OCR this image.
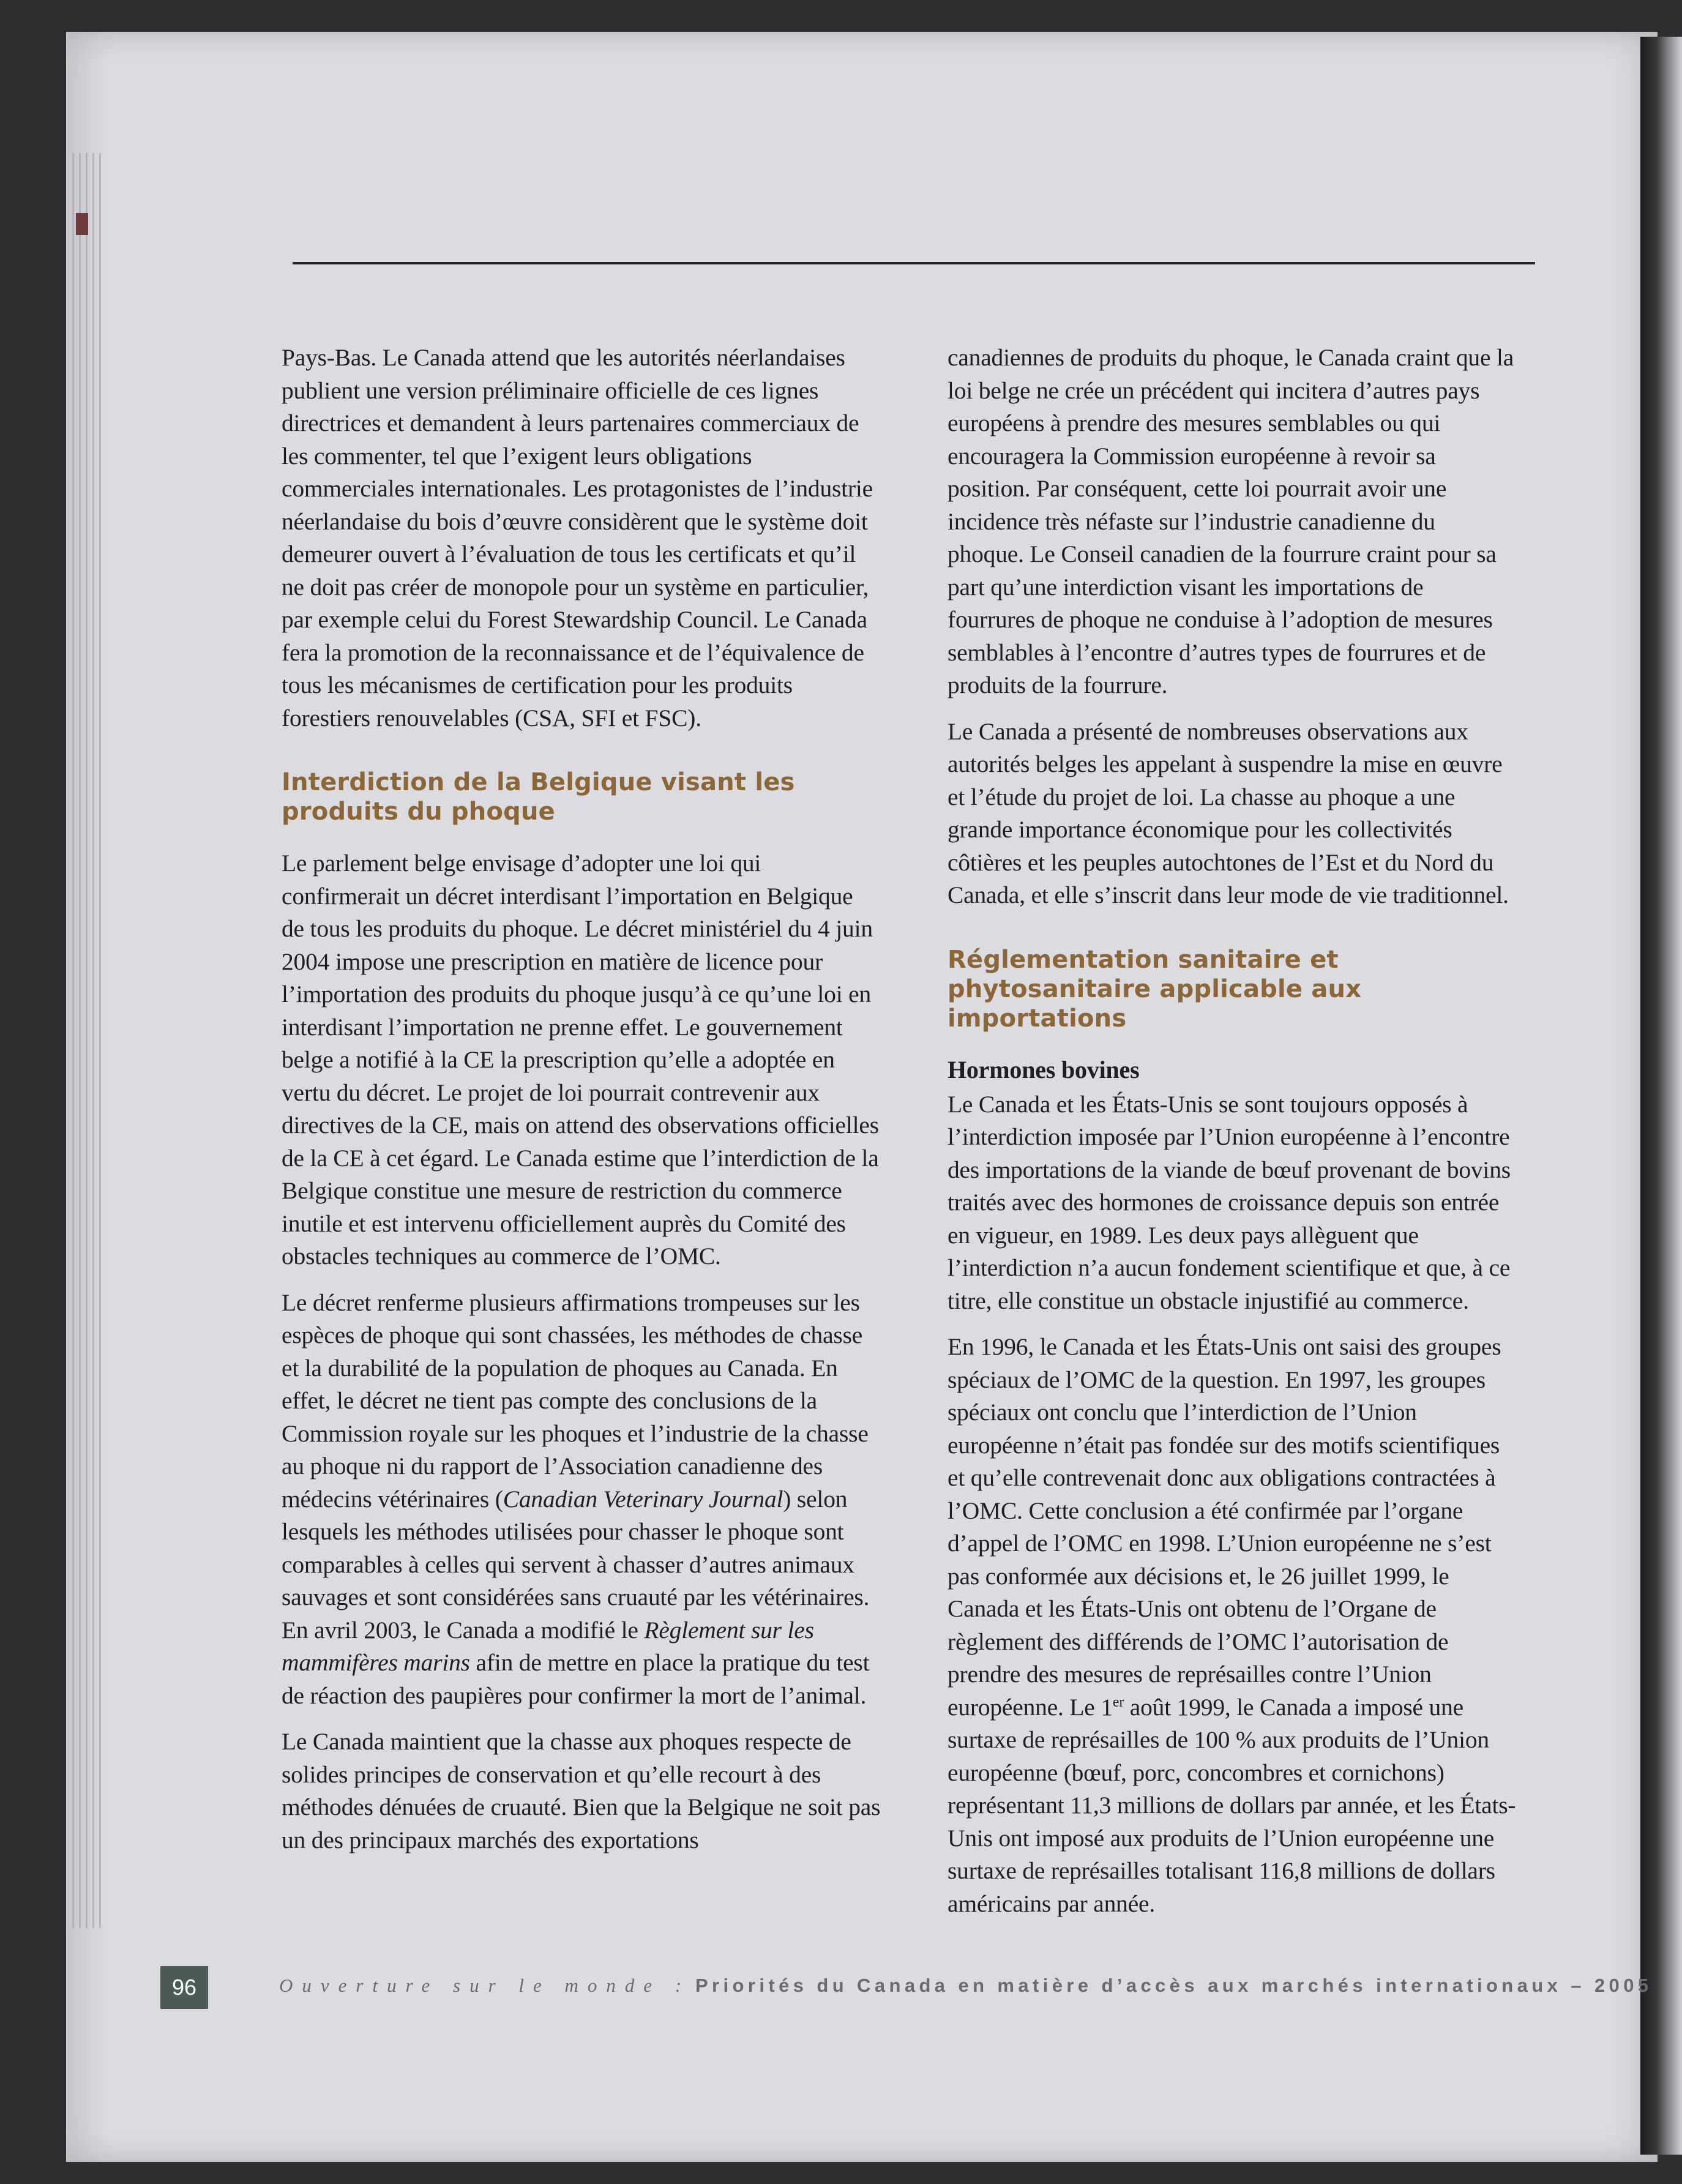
Pays-Bas. Le Canada attend que les autorités néerlandaises publient une version préliminaire officielle de ces lignes directrices et demandent à leurs partenaires commerciaux de les commenter, tel que l’exigent leurs obligations commerciales internationales. Les protagonistes de l’industrie néerlandaise du bois d’œuvre considèrent que le système doit demeurer ouvert à l’évaluation de tous les certificats et qu’il ne doit pas créer de monopole pour un système en particulier, par exemple celui du Forest Stewardship Council. Le Canada fera la promotion de la reconnaissance et de l’équivalence de tous les mécanismes de certification pour les produits forestiers renouvelables (CSA, SFI et FSC).

Interdiction de la Belgique visant les produits du phoque

Le parlement belge envisage d’adopter une loi qui confirmerait un décret interdisant l’importation en Belgique de tous les produits du phoque. Le décret ministériel du 4 juin 2004 impose une prescription en matière de licence pour l’importation des produits du phoque jusqu’à ce qu’une loi en interdisant l’importation ne prenne effet. Le gouvernement belge a notifié à la CE la prescription qu’elle a adoptée en vertu du décret. Le projet de loi pourrait contrevenir aux directives de la CE, mais on attend des observations officielles de la CE à cet égard. Le Canada estime que l’interdiction de la Belgique constitue une mesure de restriction du commerce inutile et est intervenu officiellement auprès du Comité des obstacles techniques au commerce de l’OMC.

Le décret renferme plusieurs affirmations trompeuses sur les espèces de phoque qui sont chassées, les méthodes de chasse et la durabilité de la population de phoques au Canada. En effet, le décret ne tient pas compte des conclusions de la Commission royale sur les phoques et l’industrie de la chasse au phoque ni du rapport de l’Association canadienne des médecins vétérinaires (Canadian Veterinary Journal) selon lesquels les méthodes utilisées pour chasser le phoque sont comparables à celles qui servent à chasser d’autres animaux sauvages et sont considérées sans cruauté par les vétérinaires. En avril 2003, le Canada a modifié le Règlement sur les mammifères marins afin de mettre en place la pratique du test de réaction des paupières pour confirmer la mort de l’animal.

Le Canada maintient que la chasse aux phoques respecte de solides principes de conservation et qu’elle recourt à des méthodes dénuées de cruauté. Bien que la Belgique ne soit pas un des principaux marchés des exportations

canadiennes de produits du phoque, le Canada craint que la loi belge ne crée un précédent qui incitera d’autres pays européens à prendre des mesures semblables ou qui encouragera la Commission européenne à revoir sa position. Par conséquent, cette loi pourrait avoir une incidence très néfaste sur l’industrie canadienne du phoque. Le Conseil canadien de la fourrure craint pour sa part qu’une interdiction visant les importations de fourrures de phoque ne conduise à l’adoption de mesures semblables à l’encontre d’autres types de fourrures et de produits de la fourrure.

Le Canada a présenté de nombreuses observations aux autorités belges les appelant à suspendre la mise en œuvre et l’étude du projet de loi. La chasse au phoque a une grande importance économique pour les collectivités côtières et les peuples autochtones de l’Est et du Nord du Canada, et elle s’inscrit dans leur mode de vie traditionnel.

Réglementation sanitaire et phytosanitaire applicable aux importations
Hormones bovines

Le Canada et les États-Unis se sont toujours opposés à l’interdiction imposée par l’Union européenne à l’encontre des importations de la viande de bœuf provenant de bovins traités avec des hormones de croissance depuis son entrée en vigueur, en 1989. Les deux pays allèguent que l’interdiction n’a aucun fondement scientifique et que, à ce titre, elle constitue un obstacle injustifié au commerce.

En 1996, le Canada et les États-Unis ont saisi des groupes spéciaux de l’OMC de la question. En 1997, les groupes spéciaux ont conclu que l’interdiction de l’Union européenne n’était pas fondée sur des motifs scientifiques et qu’elle contrevenait donc aux obligations contractées à l’OMC. Cette conclusion a été confirmée par l’organe d’appel de l’OMC en 1998. L’Union européenne ne s’est pas conformée aux décisions et, le 26 juillet 1999, le Canada et les États-Unis ont obtenu de l’Organe de règlement des différends de l’OMC l’autorisation de prendre des mesures de représailles contre l’Union européenne. Le 1er août 1999, le Canada a imposé une surtaxe de représailles de 100 % aux produits de l’Union européenne (bœuf, porc, concombres et cornichons) représentant 11,3 millions de dollars par année, et les États-Unis ont imposé aux produits de l’Union européenne une surtaxe de représailles totalisant 116,8 millions de dollars américains par année.

96	Ouverture sur le monde : Priorités du Canada en matière d’accès aux marchés internationaux – 2005
